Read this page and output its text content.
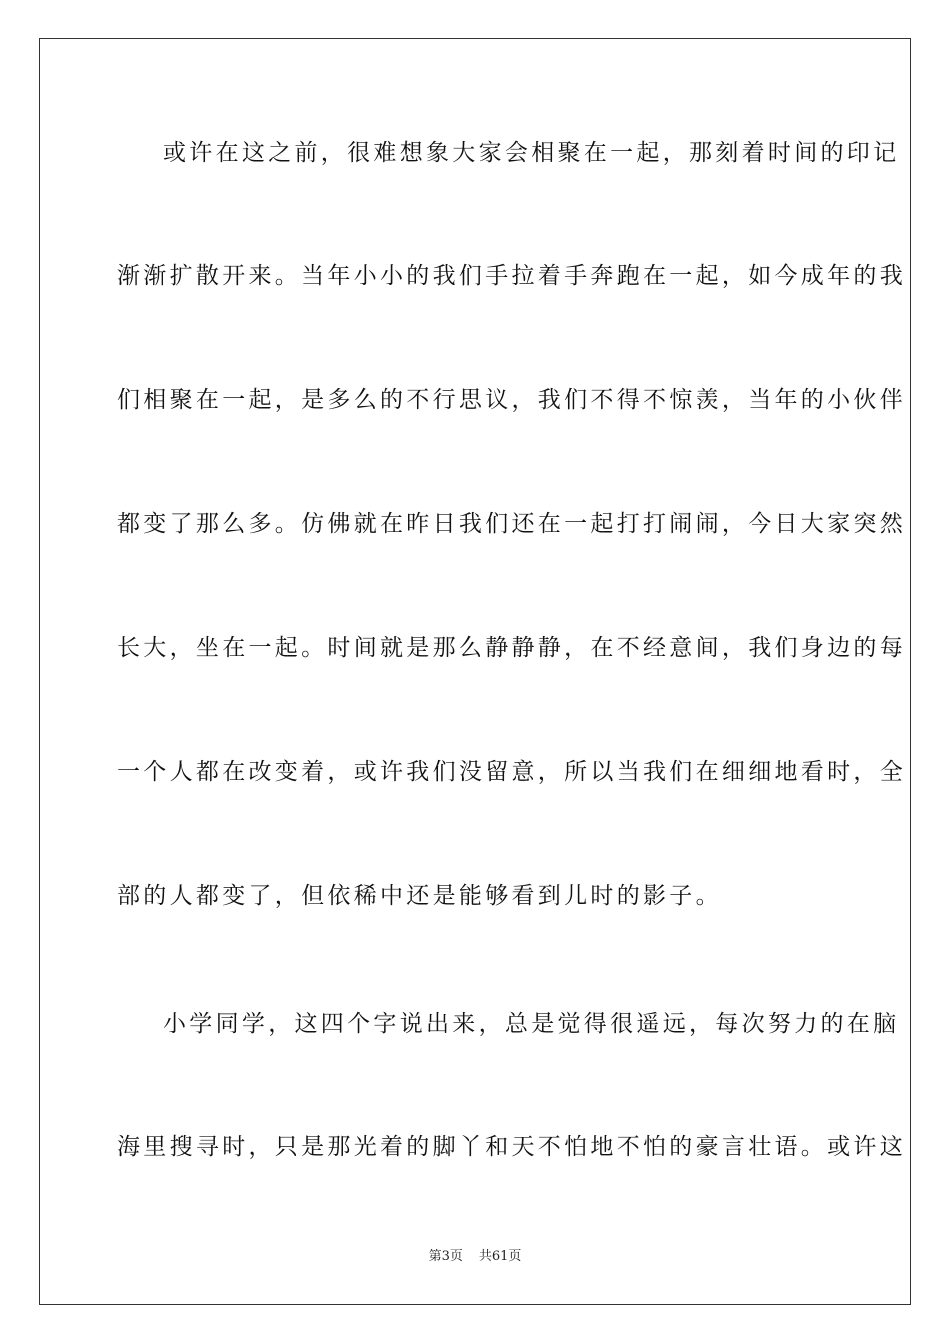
或许在这之前，很难想象大家会相聚在一起，那刻着时间的印记
渐渐扩散开来。当年小小的我们手拉着手奔跑在一起，如今成年的我
们相聚在一起，是多么的不行思议，我们不得不惊羡，当年的小伙伴
都变了那么多。仿佛就在昨日我们还在一起打打闹闹，今日大家突然
长大，坐在一起。时间就是那么静静静，在不经意间，我们身边的每
一个人都在改变着，或许我们没留意，所以当我们在细细地看时，全
部的人都变了，但依稀中还是能够看到儿时的影子。
小学同学，这四个字说出来，总是觉得很遥远，每次努力的在脑
海里搜寻时，只是那光着的脚丫和天不怕地不怕的豪言壮语。或许这
第3页 共61页
